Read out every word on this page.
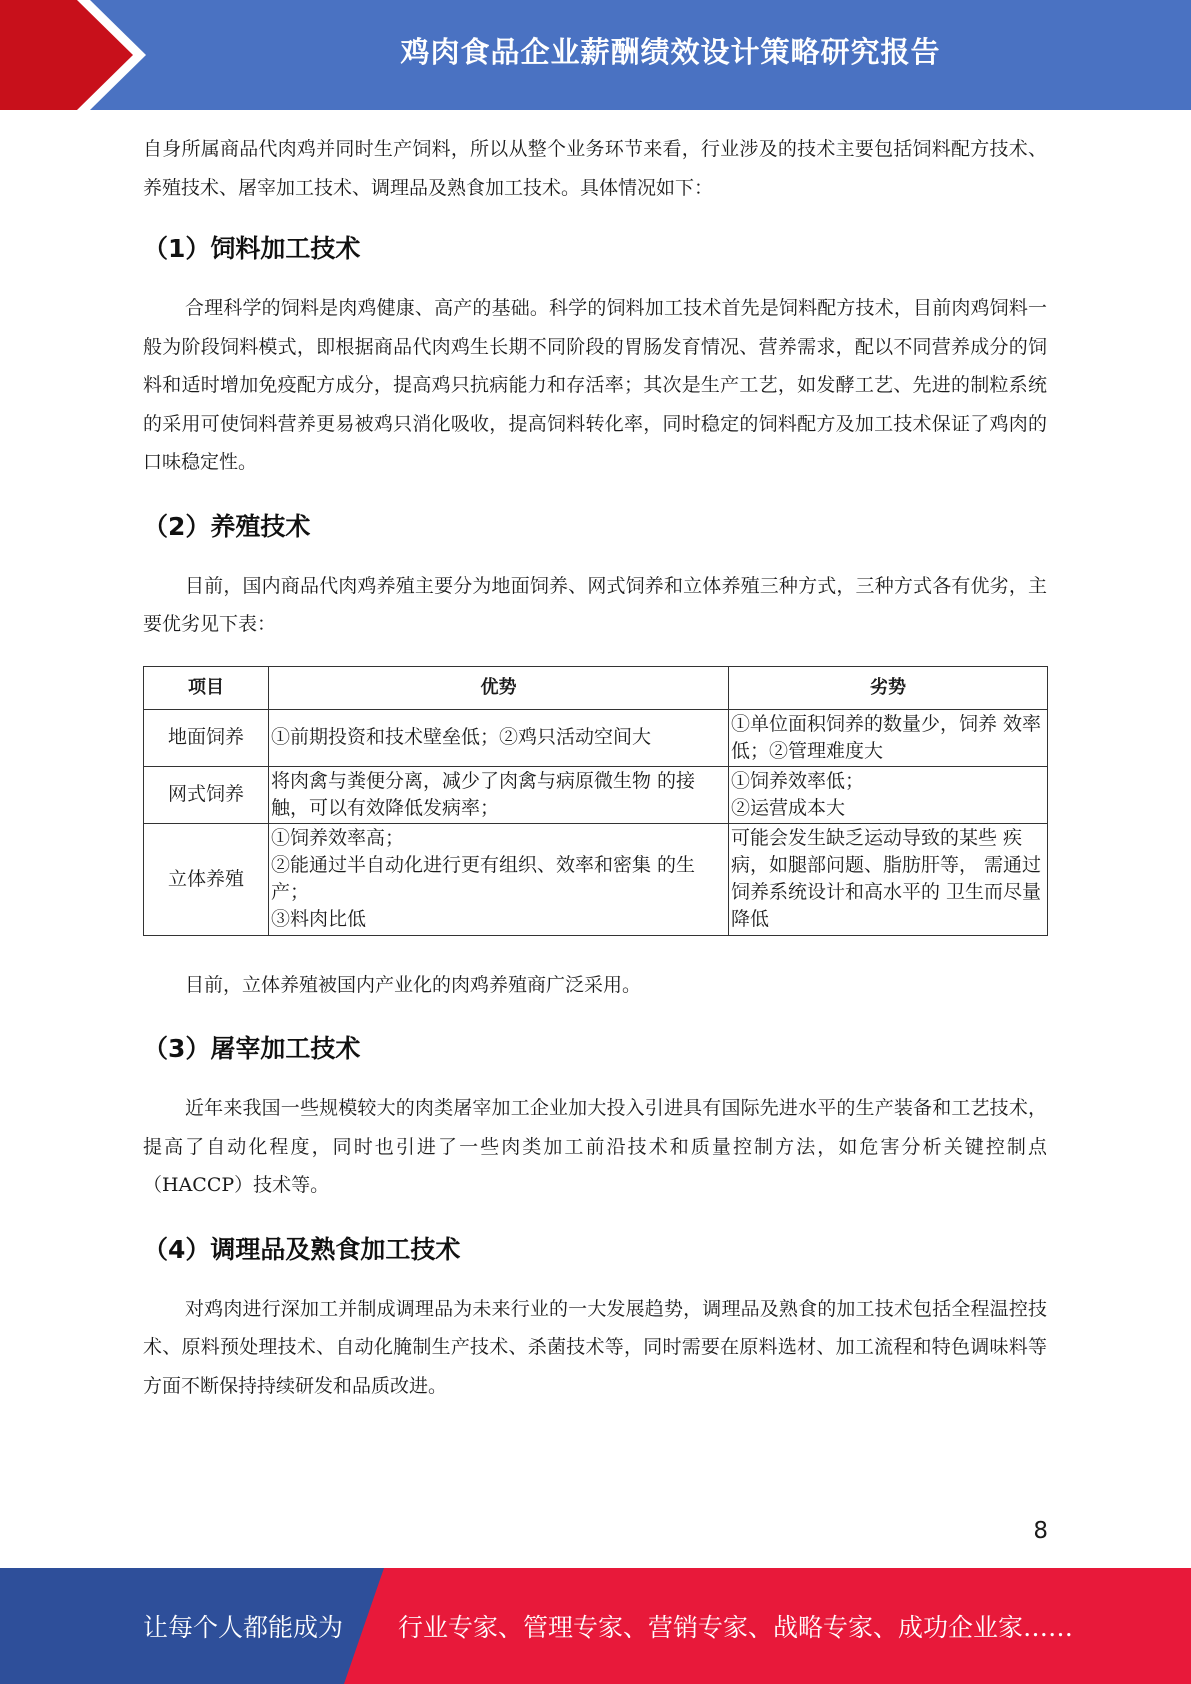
鸡肉食品企业薪酬绩效设计策略研究报告

自身所属商品代肉鸡并同时生产饲料，所以从整个业务环节来看，行业涉及的技术主要包括饲料配方技术、养殖技术、屠宰加工技术、调理品及熟食加工技术。具体情况如下：

（1）饲料加工技术

合理科学的饲料是肉鸡健康、高产的基础。科学的饲料加工技术首先是饲料配方技术，目前肉鸡饲料一般为阶段饲料模式，即根据商品代肉鸡生长期不同阶段的胃肠发育情况、营养需求，配以不同营养成分的饲料和适时增加免疫配方成分，提高鸡只抗病能力和存活率；其次是生产工艺，如发酵工艺、先进的制粒系统的采用可使饲料营养更易被鸡只消化吸收，提高饲料转化率，同时稳定的饲料配方及加工技术保证了鸡肉的口味稳定性。

（2）养殖技术

目前，国内商品代肉鸡养殖主要分为地面饲养、网式饲养和立体养殖三种方式，三种方式各有优劣，主要优劣见下表：

项目	优势	劣势
地面饲养	①前期投资和技术壁垒低；②鸡只活动空间大	①单位面积饲养的数量少，饲养 效率低；②管理难度大

网式饲养	将肉禽与粪便分离，减少了肉禽与病原微生物 的接触，可以有效降低发病率；	①饲养效率低；
②运营成本大

立体养殖	①饲养效率高；
②能通过半自动化进行更有组织、效率和密集 的生产；
③料肉比低	可能会发生缺乏运动导致的某些 疾病，如腿部问题、脂肪肝等， 需通过饲养系统设计和高水平的 卫生而尽量降低

目前，立体养殖被国内产业化的肉鸡养殖商广泛采用。

（3）屠宰加工技术

近年来我国一些规模较大的肉类屠宰加工企业加大投入引进具有国际先进水平的生产装备和工艺技术，提高了自动化程度，同时也引进了一些肉类加工前沿技术和质量控制方法，如危害分析关键控制点（HACCP）技术等。

（4）调理品及熟食加工技术

对鸡肉进行深加工并制成调理品为未来行业的一大发展趋势，调理品及熟食的加工技术包括全程温控技术、原料预处理技术、自动化腌制生产技术、杀菌技术等，同时需要在原料选材、加工流程和特色调味料等方面不断保持持续研发和品质改进。

8
让每个人都能成为 行业专家、管理专家、营销专家、战略专家、成功企业家……
